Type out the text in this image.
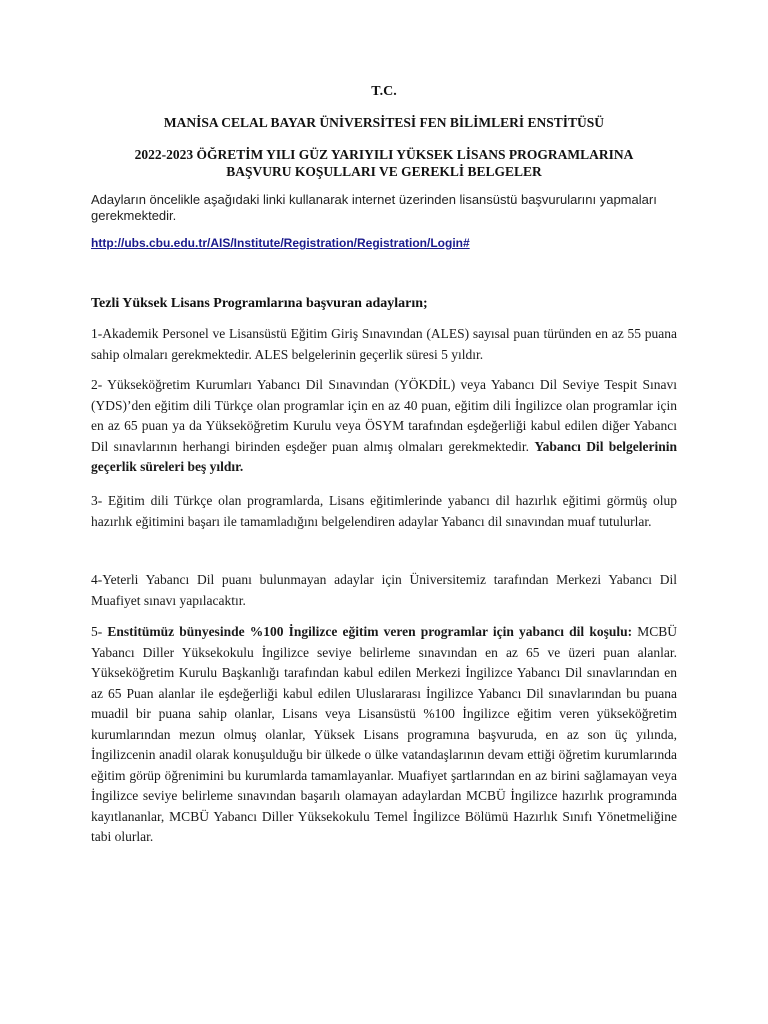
T.C.
MANİSA CELAL BAYAR ÜNİVERSİTESİ FEN BİLİMLERİ ENSTİTÜSÜ
2022-2023 ÖĞRETİM YILI GÜZ YARIYILI YÜKSEK LİSANS PROGRAMLARINA
BAŞVURU KOŞULLARI VE GEREKLİ BELGELER
Adayların öncelikle aşağıdaki linki kullanarak internet üzerinden lisansüstü başvurularını yapmaları gerekmektedir.
http://ubs.cbu.edu.tr/AIS/Institute/Registration/Registration/Login#
Tezli Yüksek Lisans Programlarına başvuran adayların;
1-Akademik Personel ve Lisansüstü Eğitim Giriş Sınavından (ALES) sayısal puan türünden en az 55 puana sahip olmaları gerekmektedir. ALES belgelerinin geçerlik süresi 5 yıldır.
2- Yükseköğretim Kurumları Yabancı Dil Sınavından (YÖKDİL) veya Yabancı Dil Seviye Tespit Sınavı (YDS)’den eğitim dili Türkçe olan programlar için en az 40 puan, eğitim dili İngilizce olan programlar için en az 65 puan ya da Yükseköğretim Kurulu veya ÖSYM tarafından eşdeğerliği kabul edilen diğer Yabancı Dil sınavlarının herhangi birinden eşdeğer puan almış olmaları gerekmektedir. Yabancı Dil belgelerinin geçerlik süreleri beş yıldır.
3- Eğitim dili Türkçe olan programlarda, Lisans eğitimlerinde yabancı dil hazırlık eğitimi görmüş olup hazırlık eğitimini başarı ile tamamladığını belgelendiren adaylar Yabancı dil sınavından muaf tutulurlar.
4-Yeterli Yabancı Dil puanı bulunmayan adaylar için Üniversitemiz tarafından Merkezi Yabancı Dil Muafiyet sınavı yapılacaktır.
5- Enstitümüz bünyesinde %100 İngilizce eğitim veren programlar için yabancı dil koşulu: MCBÜ Yabancı Diller Yüksekokulu İngilizce seviye belirleme sınavından en az 65 ve üzeri puan alanlar. Yükseköğretim Kurulu Başkanlığı tarafından kabul edilen Merkezi İngilizce Yabancı Dil sınavlarından en az 65 Puan alanlar ile eşdeğerliği kabul edilen Uluslararası İngilizce Yabancı Dil sınavlarından bu puana muadil bir puana sahip olanlar, Lisans veya Lisansüstü %100 İngilizce eğitim veren yükseköğretim kurumlarından mezun olmuş olanlar, Yüksek Lisans programına başvuruda, en az son üç yılında, İngilizcenin anadil olarak konuşulduğu bir ülkede o ülke vatandaşlarının devam ettiği öğretim kurumlarında eğitim görüp öğrenimini bu kurumlarda tamamlayanlar. Muafiyet şartlarından en az birini sağlamayan veya İngilizce seviye belirleme sınavından başarılı olamayan adaylardan MCBÜ İngilizce hazırlık programında kayıtlananlar, MCBÜ Yabancı Diller Yüksekokulu Temel İngilizce Bölümü Hazırlık Sınıfı Yönetmeliğine tabi olurlar.
